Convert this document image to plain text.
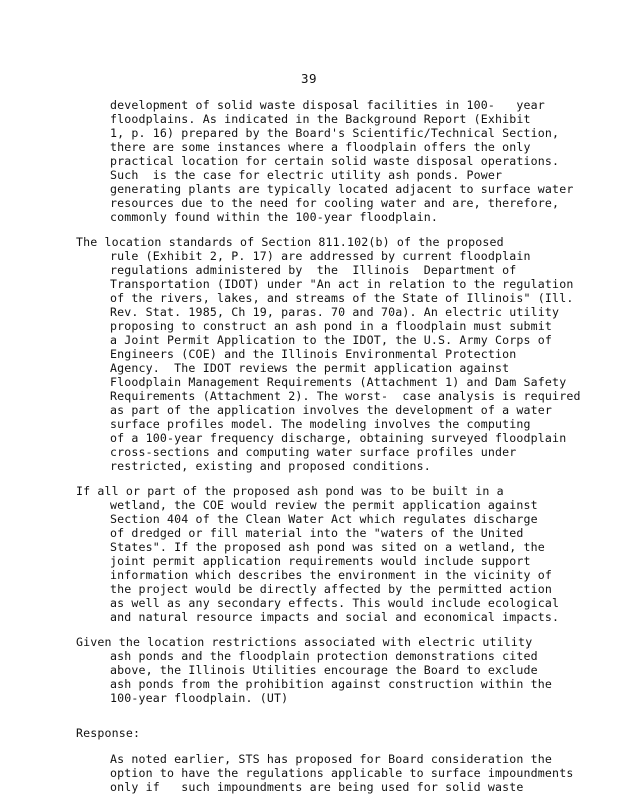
39
development of solid waste disposal facilities in 100-   year
floodplains. As indicated in the Background Report (Exhibit
1, p. 16) prepared by the Board's Scientific/Technical Section,
there are some instances where a floodplain offers the only
practical location for certain solid waste disposal operations.
Such  is the case for electric utility ash ponds. Power
generating plants are typically located adjacent to surface water
resources due to the need for cooling water and are, therefore,
commonly found within the 100-year floodplain.
The location standards of Section 811.102(b) of the proposed
rule (Exhibit 2, P. 17) are addressed by current floodplain
regulations administered by  the  Illinois  Department of
Transportation (IDOT) under "An act in relation to the regulation
of the rivers, lakes, and streams of the State of Illinois" (Ill.
Rev. Stat. 1985, Ch 19, paras. 70 and 70a). An electric utility
proposing to construct an ash pond in a floodplain must submit
a Joint Permit Application to the IDOT, the U.S. Army Corps of
Engineers (COE) and the Illinois Environmental Protection
Agency.  The IDOT reviews the permit application against
Floodplain Management Requirements (Attachment 1) and Dam Safety
Requirements (Attachment 2). The worst-  case analysis is required
as part of the application involves the development of a water
surface profiles model. The modeling involves the computing
of a 100-year frequency discharge, obtaining surveyed floodplain
cross-sections and computing water surface profiles under
restricted, existing and proposed conditions.
If all or part of the proposed ash pond was to be built in a
wetland, the COE would review the permit application against
Section 404 of the Clean Water Act which regulates discharge
of dredged or fill material into the "waters of the United
States". If the proposed ash pond was sited on a wetland, the
joint permit application requirements would include support
information which describes the environment in the vicinity of
the project would be directly affected by the permitted action
as well as any secondary effects. This would include ecological
and natural resource impacts and social and economical impacts.
Given the location restrictions associated with electric utility
ash ponds and the floodplain protection demonstrations cited
above, the Illinois Utilities encourage the Board to exclude
ash ponds from the prohibition against construction within the
100-year floodplain. (UT)
Response:
As noted earlier, STS has proposed for Board consideration the
option to have the regulations applicable to surface impoundments
only if   such impoundments are being used for solid waste
